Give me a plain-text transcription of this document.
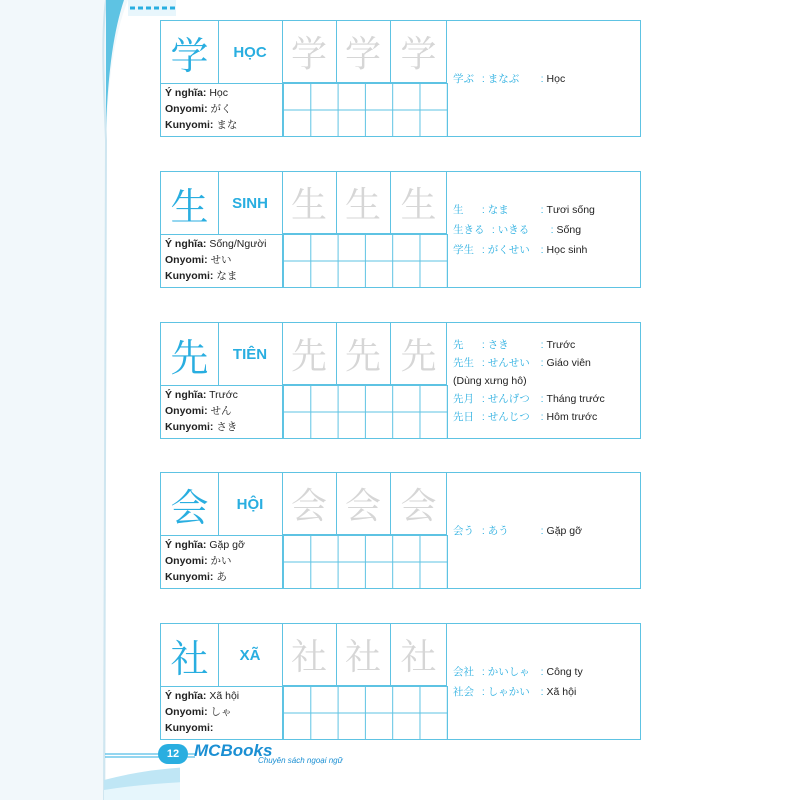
学	HỌC 学 学 学
Ý nghĩa: Học
Onyomi: がく
Kunyomi: まな
学ぶ : まなぶ	: Học
生	SINH 生 生 生
Ý nghĩa: Sống/Người
Onyomi: せい
Kunyomi: なま
生	: なま	: Tươi sống
生きる : いきる	: Sống
学生 : がくせい : Học sinh
先	TIÊN 先 先 先
Ý nghĩa: Trước
Onyomi: せん
Kunyomi: さき
先	: さき	: Trước
先生 : せんせい : Giáo viên
(Dùng xưng hô)
先月 : せんげつ : Tháng trước
先日 : せんじつ : Hôm trước
会	HỘI 会 会 会
Ý nghĩa: Gặp gỡ
Onyomi: かい
Kunyomi: あ
会う : あう	: Gặp gỡ
社	XÃ 社 社 社
Ý nghĩa: Xã hội
Onyomi: しゃ
Kunyomi:
会社 : かいしゃ : Công ty
社会 : しゃかい : Xã hội
12 MCBooks
Chuyên sách ngoại ngữ
